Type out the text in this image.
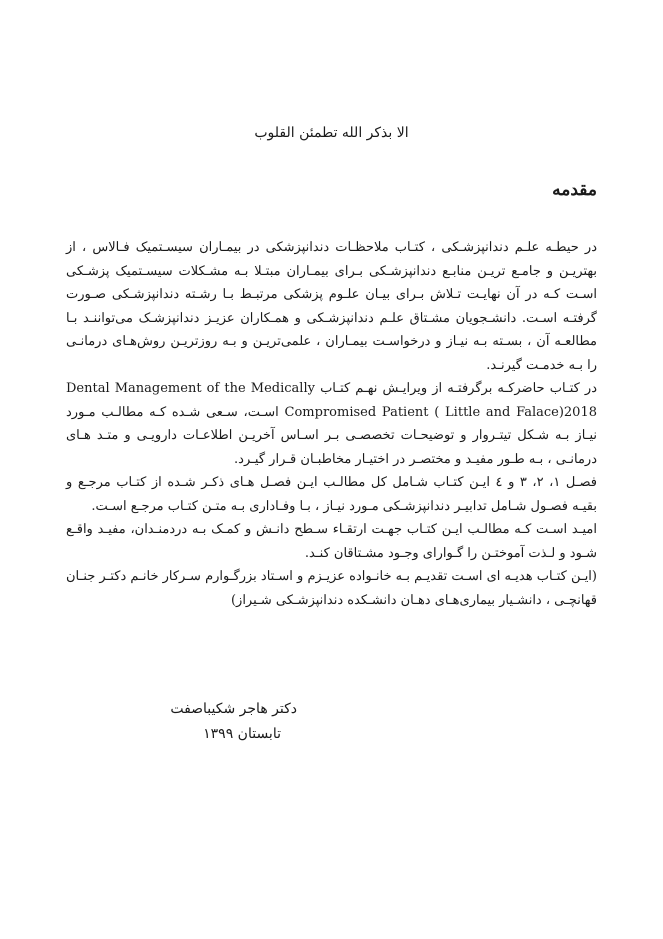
الا بذکر الله تطمئن القلوب
مقدمه

در حیطـه علـم دندانپزشـکی ، کتـاب ملاحظـات دندانپزشکی در بیمـاران سیسـتمیک فـالاس ، از بهتریـن و جامـع تریـن منابـع دندانپزشـکی بـرای بیمـاران مبتـلا بـه مشـکلات سیسـتمیک پزشـکی اسـت کـه در آن نهایـت تـلاش بـرای بیـان علـوم پزشکی مرتبـط بـا رشـته دندانپزشـکی صـورت گرفتـه اسـت. دانشـجویان مشـتاق علـم دندانپزشـکی و همـکاران عزیـز دندانپزشـک می‌تواننـد بـا مطالعـه آن ، بسـته بـه نیـاز و درخواسـت بیمـاران ، علمی‌تریـن و بـه روزتریـن روش‌هـای درمانـی را بـه خدمـت گیرنـد.

در کتـاب حاضرکـه برگرفتـه از ویرایـش نهـم کتـاب Dental Management of the Medically Compromised Patient ( Little and Falace)2018 اسـت، سـعی شـده کـه مطالـب مـورد نیـاز بـه شـکل تیتـروار و توضیحـات تخصصـی بـر اسـاس آخریـن اطلاعـات دارویـی و متـد هـای درمانـی ، بـه طـور مفیـد و مختصـر در اختیـار مخاطبـان قـرار گیـرد.

فصـل ۱، ۲، ۳ و ٤ ایـن کتـاب شـامل کل مطالـب ایـن فصـل هـای ذکـر شـده از کتـاب مرجـع و بقیـه فصـول شـامل تدابیـر دندانپزشـکی مـورد نیـاز ، بـا وفـاداری بـه متـن کتـاب مرجـع اسـت.

امیـد اسـت کـه مطالـب ایـن کتـاب جهـت ارتقـاء سـطح دانـش و کمـک بـه دردمنـدان، مفیـد واقـع شـود و لـذت آموختـن را گـوارای وجـود مشـتاقان کنـد.

(ایـن کتـاب هدیـه ای اسـت تقدیـم بـه خانـواده عزیـزم و اسـتاد بزرگـوارم سـرکار خانـم دکتـر جنـان قهانچـی ، دانشـیار بیماری‌هـای دهـان دانشـکده دندانپزشـکی شـیراز)

دکتر هاجر شکیباصفت
تابستان ۱۳۹۹
